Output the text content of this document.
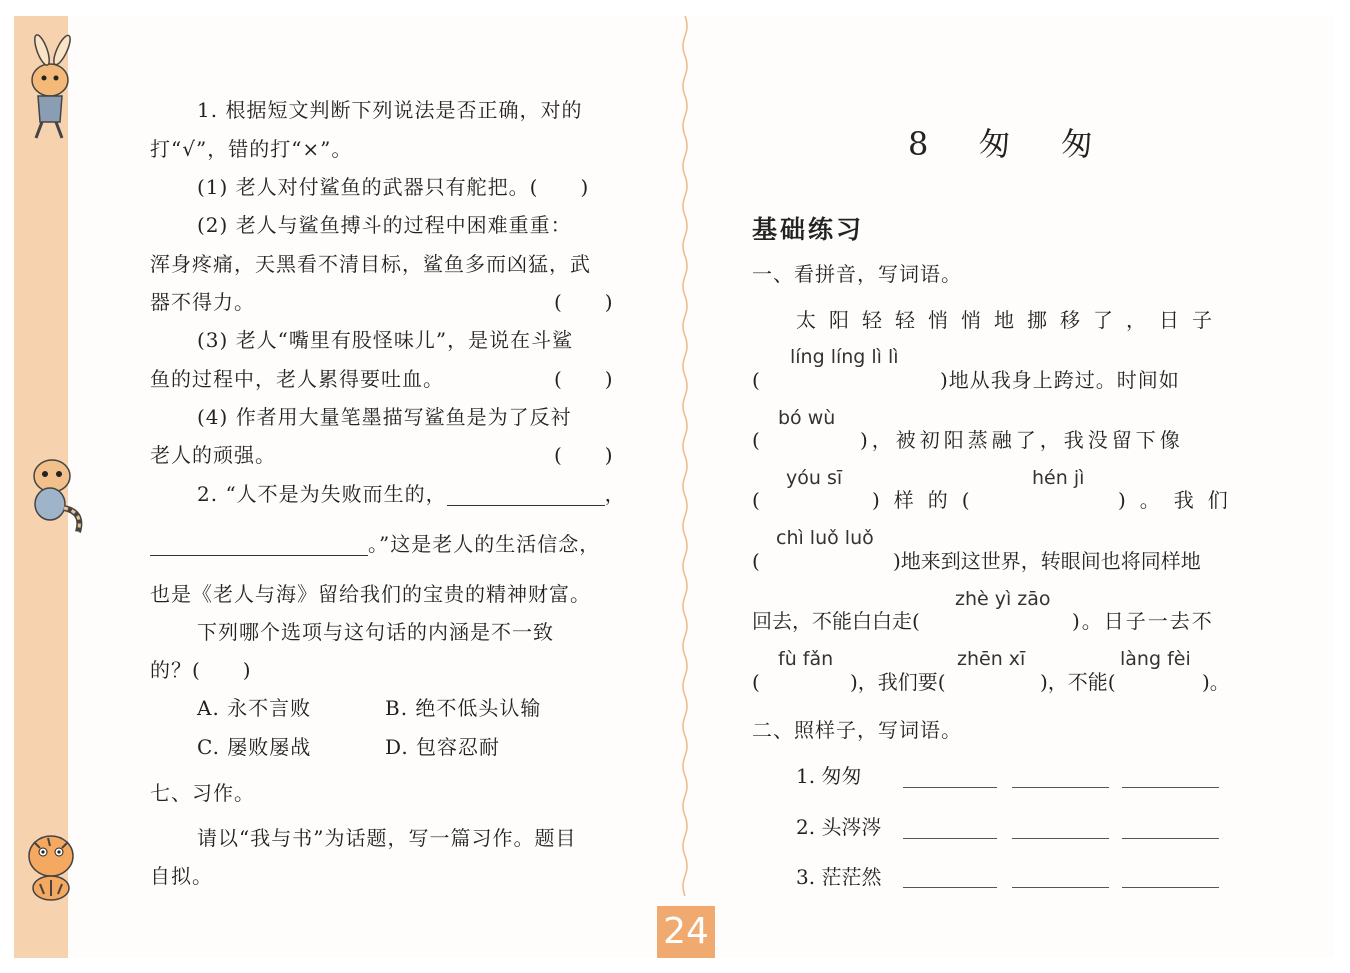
24
1. 根据短文判断下列说法是否正确，对的
打“√”，错的打“×”。
(1) 老人对付鲨鱼的武器只有舵把。(　　)
(2) 老人与鲨鱼搏斗的过程中困难重重：
浑身疼痛，天黑看不清目标，鲨鱼多而凶猛，武
器不得力。	(　　)
(3) 老人“嘴里有股怪味儿”，是说在斗鲨
鱼的过程中，老人累得要吐血。	(　　)
(4) 作者用大量笔墨描写鲨鱼是为了反衬
老人的顽强。	(　　)
2. “人不是为失败而生的，	，
。”这是老人的生活信念，
也是《老人与海》留给我们的宝贵的精神财富。
下列哪个选项与这句话的内涵是不一致
的？(　　)
A. 永不言败	B. 绝不低头认输
C. 屡败屡战	D. 包容忍耐
七、习作。
请以“我与书”为话题，写一篇习作。题目
自拟。
8 匆 匆
基础练习
一、看拼音，写词语。
太阳轻轻悄悄地挪移了，日子
líng líng lì lì
(	)地从我身上跨过。时间如
bó wù
(	)，被初阳蒸融了，我没留下像
yóu sī	hén jì
(	)样的(	)。我们
chì luǒ luǒ
(	)地来到这世界，转眼间也将同样地
zhè yì zāo
回去，不能白白走(	)。日子一去不
fù fǎn	zhēn xī	làng fèi
(	)，我们要(	)，不能(	)。
二、照样子，写词语。
1. 匆匆
2. 头涔涔
3. 茫茫然
